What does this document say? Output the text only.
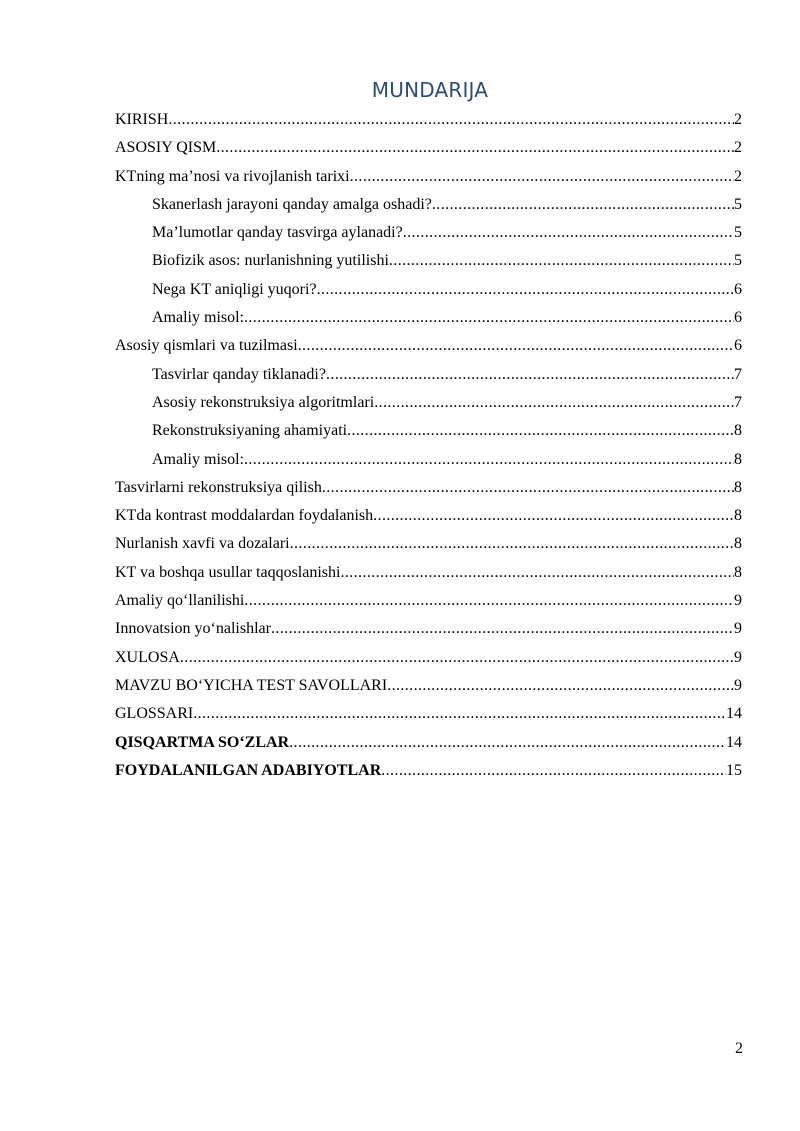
MUNDARIJA
KIRISH .....	2
ASOSIY QISM .....	2
KTning ma’nosi va rivojlanish tarixi .....	2
Skanerlash jarayoni qanday amalga oshadi? .....	5
Ma’lumotlar qanday tasvirga aylanadi? .....	5
Biofizik asos: nurlanishning yutilishi .....	5
Nega KT aniqligi yuqori? .....	6
Amaliy misol: .....	6
Asosiy qismlari va tuzilmasi .....	6
Tasvirlar qanday tiklanadi? .....	7
Asosiy rekonstruksiya algoritmlari .....	7
Rekonstruksiyaning ahamiyati .....	8
Amaliy misol: .....	8
Tasvirlarni rekonstruksiya qilish .....	8
KTda kontrast moddalardan foydalanish .....	8
Nurlanish xavfi va dozalari .....	8
KT va boshqa usullar taqqoslanishi .....	8
Amaliy qo‘llanilishi .....	9
Innovatsion yo‘nalishlar .....	9
XULOSA .....	9
MAVZU BO‘YICHA TEST SAVOLLARI .....	9
GLOSSARI .....	14
QISQARTMA SO‘ZLAR .....	14
FOYDALANILGAN ADABIYOTLAR .....	15
2
